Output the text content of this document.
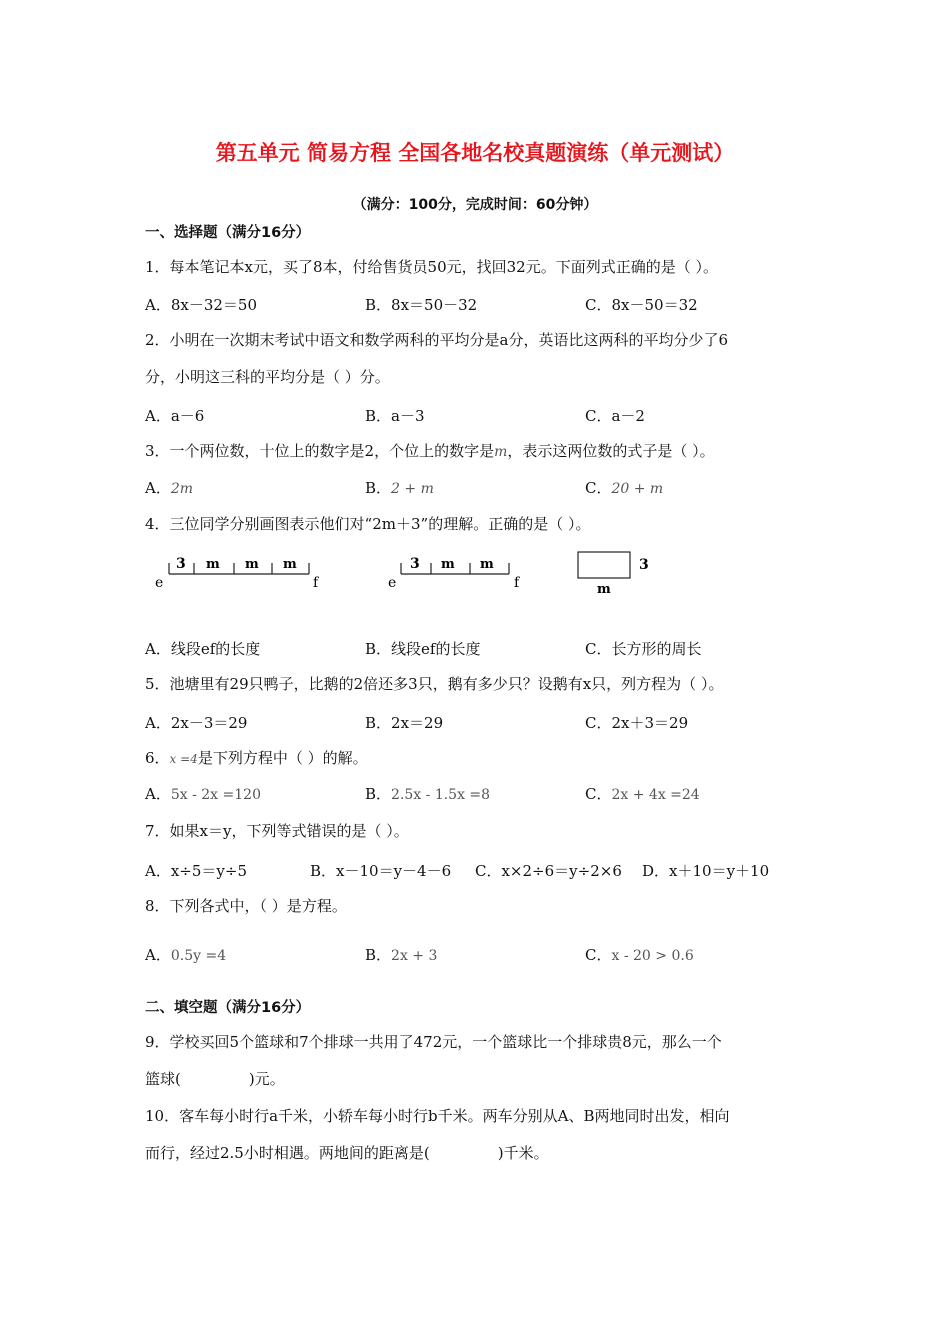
第五单元 简易方程 全国各地名校真题演练（单元测试）
（满分：100分，完成时间：60分钟）
一、选择题（满分16分）
1．每本笔记本x元，买了8本，付给售货员50元，找回32元。下面列式正确的是（ ）。
A．8x－32＝50	B．8x＝50－32	C．8x－50＝32
2．小明在一次期末考试中语文和数学两科的平均分是a分，英语比这两科的平均分少了6
分，小明这三科的平均分是（ ）分。
A．a－6	B．a－3	C．a－2
3．一个两位数，十位上的数字是2，个位上的数字是m，表示这两位数的式子是（ ）。
A．2m	B．2 + m	C．20 + m
4．三位同学分别画图表示他们对“2m＋3”的理解。正确的是（ ）。
e
3 m m m
f	e
3 m m
f
3
m
A．线段ef的长度	B．线段ef的长度	C．长方形的周长
5．池塘里有29只鸭子，比鹅的2倍还多3只，鹅有多少只？设鹅有x只，列方程为（ ）。
A．2x－3＝29	B．2x＝29	C．2x＋3＝29
6．x =4是下列方程中（ ）的解。
A．5x - 2x =120	B．2.5x - 1.5x =8	C．2x + 4x =24
7．如果x＝y，下列等式错误的是（ ）。
A．x÷5＝y÷5	B．x－10＝y－4－6 C．x×2÷6＝y÷2×6 D．x＋10＝y＋10
8．下列各式中，（ ）是方程。
A．0.5y =4	B．2x + 3	C．x - 20 > 0.6
二、填空题（满分16分）
9．学校买回5个篮球和7个排球一共用了472元，一个篮球比一个排球贵8元，那么一个
篮球(	)元。
10．客车每小时行a千米，小轿车每小时行b千米。两车分别从A、B两地同时出发，相向
而行，经过2.5小时相遇。两地间的距离是(	)千米。
